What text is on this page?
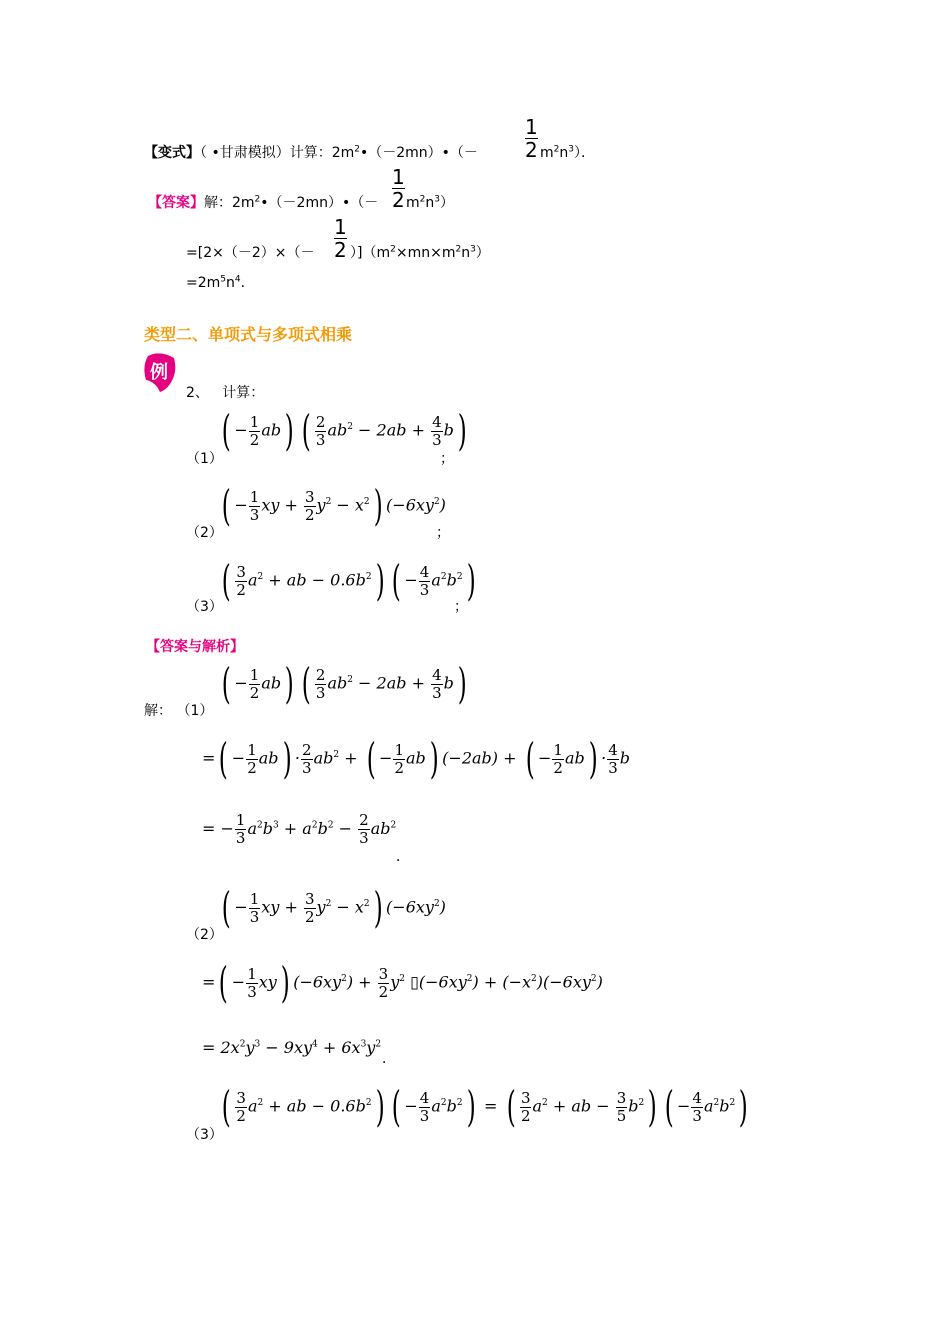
【变式】（ •甘肃模拟）计算：$2m^2•(-2mn)•(- \frac{1}{2} m^2n^3)$．
【答案】解：$2m^2•(-2mn)•(- \frac{1}{2} m^2n^3)$
$=[2\times(-2)\times(- \frac{1}{2} )](m^2\times mn\times m^2n^3)$
$=2m^5n^4$．
类型二、单项式与多项式相乘
例
2、 计算：
（1）
( − $\frac{1}{2} ab$) ( $\frac{2}{3} ab^2 - 2ab + \frac{4}{3} b$)
；
（2）
( − $\frac{1}{3}$ xy + $\frac{3}{2} y^2 - x^2$) $(-6xy^2)$
；
（3）
( $\frac{3}{2} a^2$ + ab − $0.6b^2$) ( − $\frac{4}{3} a^2b^2$)
；
【答案与解析】
解： （1）
( − $\frac{1}{2} ab$) ( $\frac{2}{3} ab^2 - 2ab + \frac{4}{3} b$)
=( − $\frac{1}{2} ab) \cdot \frac{2}{3} ab^2$ + ( − $\frac{1}{2} ab$) (−2ab) + ( − $\frac{1}{2} ab) \cdot \frac{4}{3}$ b
= − $\frac{1}{3} a^2b^3 + a^2b^2 - \frac{2}{3} ab^2$
．
（2）
( − $\frac{1}{3}$ xy + $\frac{3}{2} y^2 - x^2$) $(-6xy^2)$
=( − $\frac{1}{3} xy$) $(-6xy^2) + \frac{3}{2} y^2$ $▯(-6xy^2) + (-x^2)(-6xy^2)$
= $2x^2y^3 - 9xy^4 + 6x^3y^2$
．
（3）
( $\frac{3}{2} a^2$ + ab − $0.6b^2$) ( − $\frac{4}{3} a^2b^2$) = ( $\frac{3}{2} a^2$ + ab − $\frac{3}{5} b^2$) ( − $\frac{4}{3} a^2b^2$)
